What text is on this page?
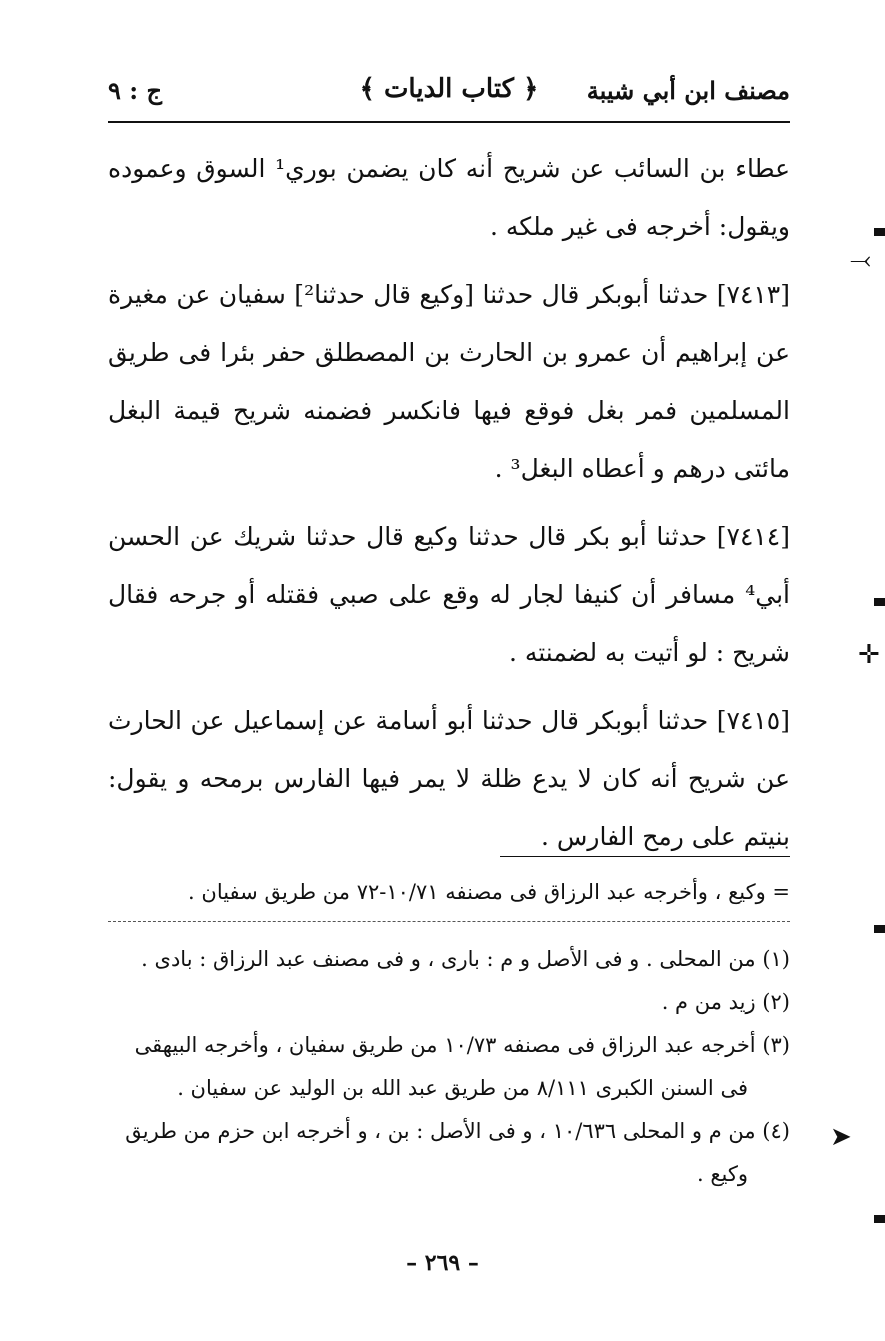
مصنف ابن أبي شيبة
﴿ كتاب الديات ﴾
ج : ٩

عطاء بن السائب عن شريح أنه كان يضمن بوري¹ السوق وعموده ويقول: أخرجه فى غير ملكه .

[٧٤١٣] حدثنا أبوبكر قال حدثنا [وكيع قال حدثنا²] سفيان عن مغيرة عن إبراهيم أن عمرو بن الحارث بن المصطلق حفر بئرا فى طريق المسلمين فمر بغل فوقع فيها فانكسر فضمنه شريح قيمة البغل مائتى درهم و أعطاه البغل³ .

[٧٤١٤] حدثنا أبو بكر قال حدثنا وكيع قال حدثنا شريك عن الحسن أبي⁴ مسافر أن كنيفا لجار له وقع على صبي فقتله أو جرحه فقال شريح : لو أتيت به لضمنته .

[٧٤١٥] حدثنا أبوبكر قال حدثنا أبو أسامة عن إسماعيل عن الحارث عن شريح أنه كان لا يدع ظلة لا يمر فيها الفارس برمحه و يقول: بنيتم على رمح الفارس .

= وكيع ، وأخرجه عبد الرزاق فى مصنفه ١٠/٧١-٧٢ من طريق سفيان .

(١) من المحلى . و فى الأصل و م : بارى ، و فى مصنف عبد الرزاق : بادى .

(٢) زيد من م .

(٣) أخرجه عبد الرزاق فى مصنفه ١٠/٧٣ من طريق سفيان ، وأخرجه البيهقى فى السنن الكبرى ٨/١١١ من طريق عبد الله بن الوليد عن سفيان .

(٤) من م و المحلى ١٠/٦٣٦ ، و فى الأصل : بن ، و أخرجه ابن حزم من طريق وكيع .

– ٢٦٩ –
⤙
✛
➤
